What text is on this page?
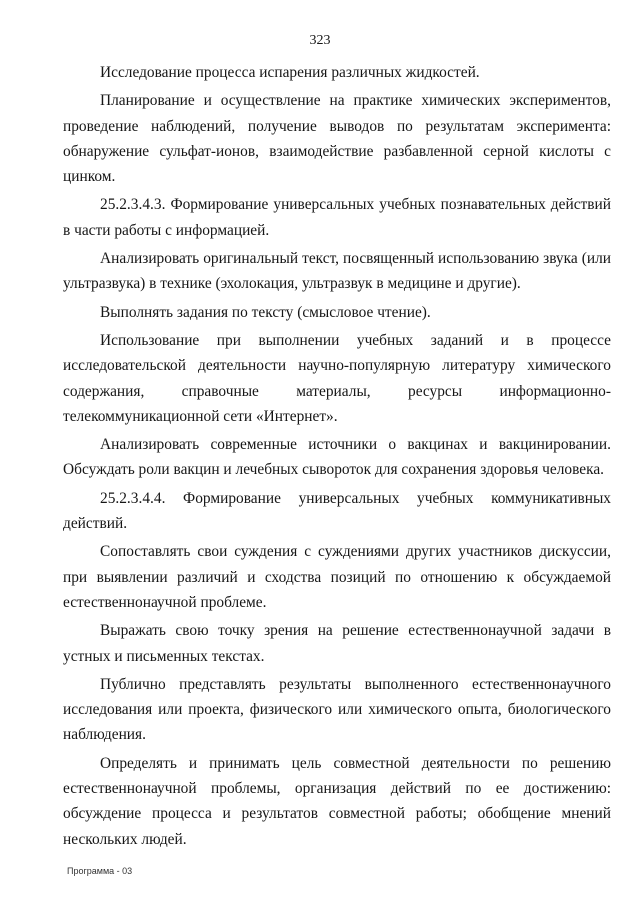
323

Исследование процесса испарения различных жидкостей.

Планирование и осуществление на практике химических экспериментов, проведение наблюдений, получение выводов по результатам эксперимента: обнаружение сульфат-ионов, взаимодействие разбавленной серной кислоты с цинком.

25.2.3.4.3. Формирование универсальных учебных познавательных действий в части работы с информацией.

Анализировать оригинальный текст, посвященный использованию звука (или ультразвука) в технике (эхолокация, ультразвук в медицине и другие).

Выполнять задания по тексту (смысловое чтение).

Использование при выполнении учебных заданий и в процессе исследовательской деятельности научно-популярную литературу химического содержания, справочные материалы, ресурсы информационно-телекоммуникационной сети «Интернет».

Анализировать современные источники о вакцинах и вакцинировании. Обсуждать роли вакцин и лечебных сывороток для сохранения здоровья человека.

25.2.3.4.4. Формирование универсальных учебных коммуникативных действий.

Сопоставлять свои суждения с суждениями других участников дискуссии, при выявлении различий и сходства позиций по отношению к обсуждаемой естественнонаучной проблеме.

Выражать свою точку зрения на решение естественнонаучной задачи в устных и письменных текстах.

Публично представлять результаты выполненного естественнонаучного исследования или проекта, физического или химического опыта, биологического наблюдения.

Определять и принимать цель совместной деятельности по решению естественнонаучной проблемы, организация действий по ее достижению: обсуждение процесса и результатов совместной работы; обобщение мнений нескольких людей.

Программа - 03
